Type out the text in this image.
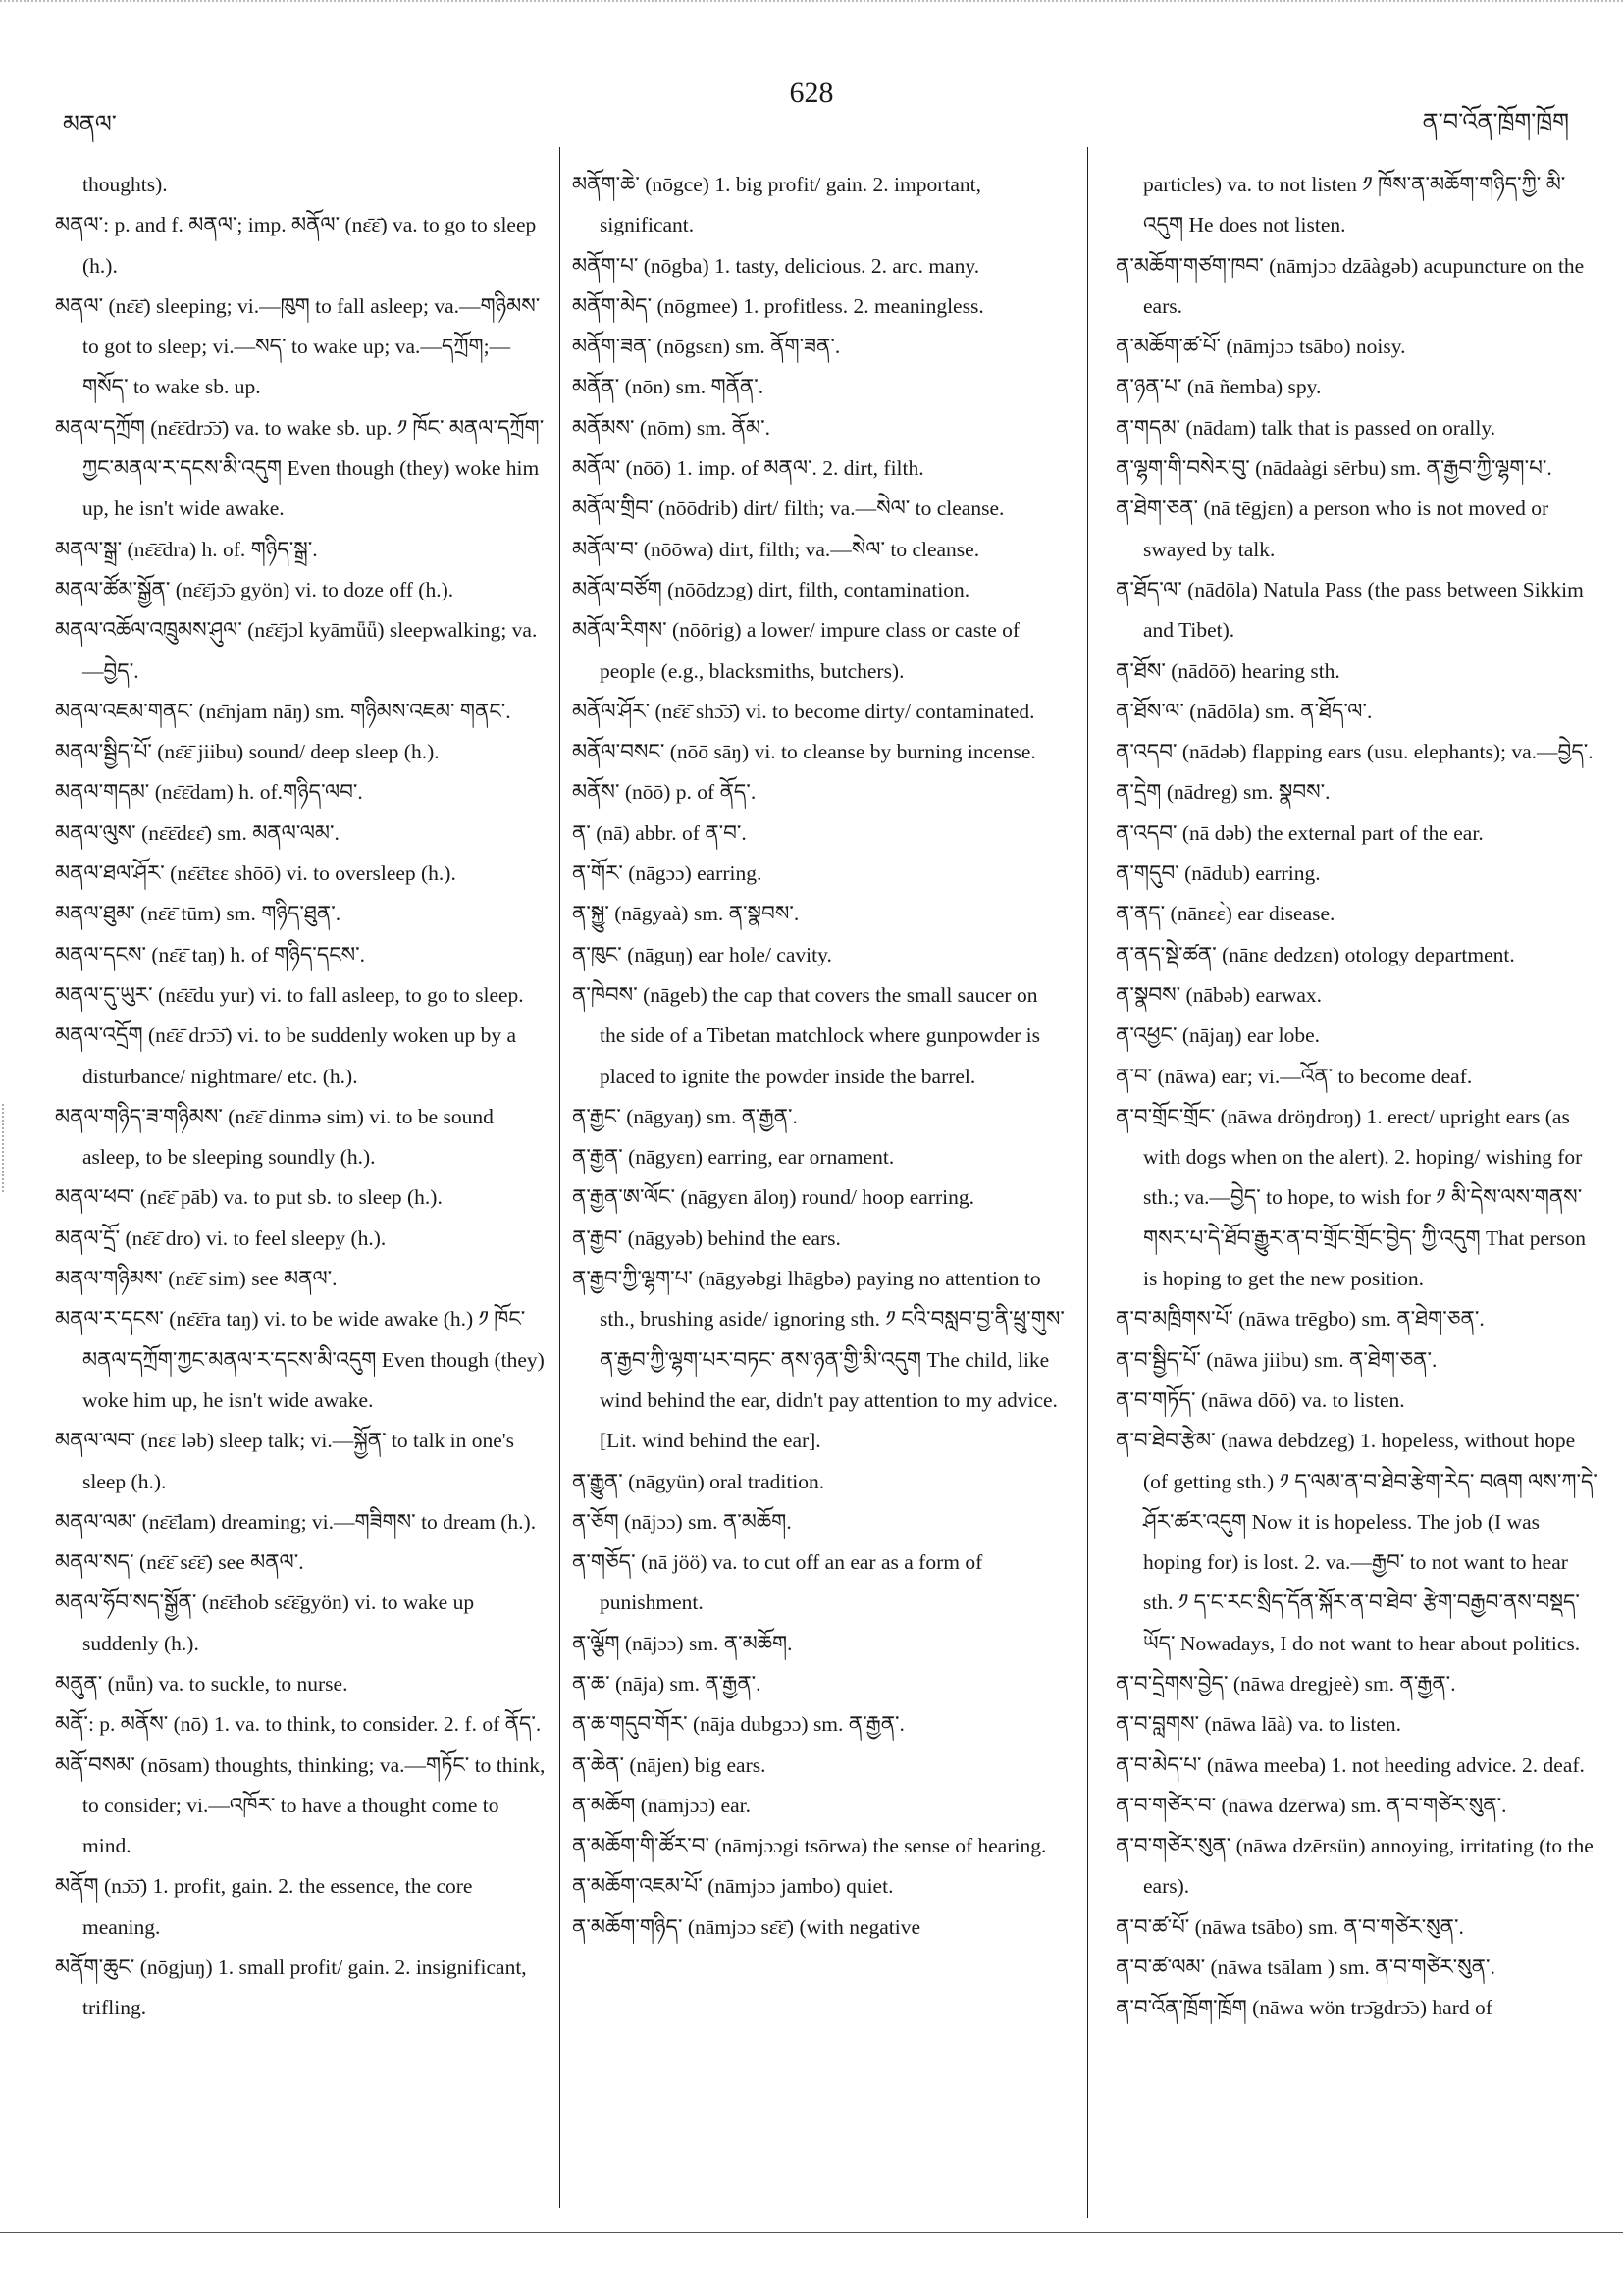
མནལ་
628
ན་བ་འོན་ཁྲོག་ཁྲོག
thoughts).
མནལ་: p. and f. མནལ་; imp. མནོལ་ (nɛ̄ɛ̄) va. to go to sleep (h.).
མནལ་ (nɛ̄ɛ̄) sleeping; vi.—ཁུག to fall asleep; va.—གཉིམས་ to got to sleep; vi.—སད་ to wake up; va.—དཀྲོག;—གསོད་ to wake sb. up.
མནལ་དཀྲོག (nɛ̄ɛ̄drɔ̄ɔ̄) va. to wake sb. up. ༡ ཁོང་ མནལ་དཀྲོག་ཀྱང་མནལ་ར་དངས་མི་འདུག Even though (they) woke him up, he isn't wide awake.
མནལ་སྒྲ་ (nɛ̄ɛ̄dra) h. of. གཉིད་སྒྲ་.
མནལ་ཚོམ་སྒྱོན་ (nɛ̄ɛ̄jɔ̄ɔ gyön) vi. to doze off (h.).
མནལ་འཆོལ་འཁྲུམས་ཤུལ་ (nɛ̄ɛ̄jɔl kyāmǖǖ) sleepwalking; va.—བྱེད་.
མནལ་འཇམ་གནང་ (nɛ̄njam nāŋ) sm. གཉིམས་འཇམ་ གནང་.
མནལ་སྦྱིད་པོ་ (nɛ̄ɛ̄ jiibu) sound/ deep sleep (h.).
མནལ་གདམ་ (nɛ̄ɛ̄dam) h. of.གཉིད་ལབ་.
མནལ་ལུས་ (nɛ̄ɛ̄dɛɛ̄) sm. མནལ་ལམ་.
མནལ་ཐལ་ཤོར་ (nɛ̄ɛ̄tɛɛ shōō) vi. to oversleep (h.).
མནལ་ཐུམ་ (nɛ̄ɛ̄ tūm) sm. གཉིད་ཐུན་.
མནལ་དངས་ (nɛ̄ɛ̄ taŋ) h. of གཉིད་དངས་.
མནལ་དུ་ཡུར་ (nɛ̄ɛ̄du yur) vi. to fall asleep, to go to sleep.
མནལ་འདྲོག (nɛ̄ɛ̄ drɔ̄ɔ̄) vi. to be suddenly woken up by a disturbance/ nightmare/ etc. (h.).
མནལ་གཉིད་ཟ་གཉིམས་ (nɛ̄ɛ̄ dinmə sim) vi. to be sound asleep, to be sleeping soundly (h.).
མནལ་ཕབ་ (nɛ̄ɛ̄ pāb) va. to put sb. to sleep (h.).
མནལ་དྲོ་ (nɛ̄ɛ̄ dro) vi. to feel sleepy (h.).
མནལ་གཉིམས་ (nɛ̄ɛ̄ sim) see མནལ་.
མནལ་ར་དངས་ (nɛ̄ɛ̄ra taŋ) vi. to be wide awake (h.) ༡ ཁོང་མནལ་དཀྲོག་ཀྱང་མནལ་ར་དངས་མི་འདུག Even though (they) woke him up, he isn't wide awake.
མནལ་ལབ་ (nɛ̄ɛ̄ ləb) sleep talk; vi.—སྐྱོན་ to talk in one's sleep (h.).
མནལ་ལམ་ (nɛ̄ɛ̄lam) dreaming; vi.—གཟིགས་ to dream (h.).
མནལ་སད་ (nɛ̄ɛ̄ sɛ̄ɛ̄) see མནལ་.
མནལ་ཧོབ་སད་སྒྱོན་ (nɛ̄ɛ̄hob sɛ̄ɛ̄gyön) vi. to wake up suddenly (h.).
མནུན་ (nǖn) va. to suckle, to nurse.
མནོ་: p. མནོས་ (nō) 1. va. to think, to consider. 2. f. of ནོད་.
མནོ་བསམ་ (nōsam) thoughts, thinking; va.—གཏོང་ to think, to consider; vi.—འཁོར་ to have a thought come to mind.
མནོག (nɔ̄ɔ̄) 1. profit, gain. 2. the essence, the core meaning.
མནོག་ཆུང་ (nōgjuŋ) 1. small profit/ gain. 2. insignificant, trifling.
མནོག་ཆེ་ (nōgce) 1. big profit/ gain. 2. important, significant.
མནོག་པ་ (nōgba) 1. tasty, delicious. 2. arc. many.
མནོག་མེད་ (nōgmee) 1. profitless. 2. meaningless.
མནོག་ཟན་ (nōgsɛn) sm. ནོག་ཟན་.
མནོན་ (nōn) sm. གནོན་.
མནོམས་ (nōm) sm. ནོམ་.
མནོལ་ (nōō) 1. imp. of མནལ་. 2. dirt, filth.
མནོལ་གྲིབ་ (nōōdrib) dirt/ filth; va.—སེལ་ to cleanse.
མནོལ་བ་ (nōōwa) dirt, filth; va.—སེལ་ to cleanse.
མནོལ་བཙོག (nōōdzɔg) dirt, filth, contamination.
མནོལ་རིགས་ (nōōrig) a lower/ impure class or caste of people (e.g., blacksmiths, butchers).
མནོལ་ཤོར་ (nɛ̄ɛ̄ shɔ̄ɔ̄) vi. to become dirty/ contaminated.
མནོལ་བསང་ (nōō sāŋ) vi. to cleanse by burning incense.
མནོས་ (nōō) p. of ནོད་.
ན་ (nā) abbr. of ན་བ་.
ན་གོར་ (nāgɔɔ) earring.
ན་སྐྱུ་ (nāgyaà) sm. ན་སྣབས་.
ན་ཁུང་ (nāguŋ) ear hole/ cavity.
ན་ཁེབས་ (nāgeb) the cap that covers the small saucer on the side of a Tibetan matchlock where gunpowder is placed to ignite the powder inside the barrel.
ན་རྒྱང་ (nāgyaŋ) sm. ན་རྒྱན་.
ན་རྒྱན་ (nāgyɛn) earring, ear ornament.
ན་རྒྱན་ཨ་ལོང་ (nāgyɛn āloŋ) round/ hoop earring.
ན་རྒྱབ་ (nāgyəb) behind the ears.
ན་རྒྱབ་ཀྱི་ལྷག་པ་ (nāgyəbgi lhāgbə) paying no attention to sth., brushing aside/ ignoring sth. ༡ ངའི་བསླབ་བྱ་ནི་ཕྲུ་གུས་ན་རྒྱབ་ཀྱི་ལྷག་པར་བཏང་ ནས་ཉན་གྱི་མི་འདུག The child, like wind behind the ear, didn't pay attention to my advice. [Lit. wind behind the ear].
ན་རྒྱུན་ (nāgyün) oral tradition.
ན་ཅོག (nājɔɔ) sm. ན་མཆོག.
ན་གཅོད་ (nā jöö) va. to cut off an ear as a form of punishment.
ན་ལྕོག (nājɔɔ) sm. ན་མཆོག.
ན་ཆ་ (nāja) sm. ན་རྒྱན་.
ན་ཆ་གདུབ་གོར་ (nāja dubgɔɔ) sm. ན་རྒྱན་.
ན་ཆེན་ (nājen) big ears.
ན་མཆོག (nāmjɔɔ) ear.
ན་མཆོག་གི་ཚོར་བ་ (nāmjɔɔgi tsōrwa) the sense of hearing.
ན་མཆོག་འཇམ་པོ་ (nāmjɔɔ jambo) quiet.
ན་མཆོག་གཉིད་ (nāmjɔɔ sɛ̄ɛ̄) (with negative
particles) va. to not listen ༡ ཁོས་ན་མཆོག་གཉིད་ཀྱི་ མི་འདུག He does not listen.
ན་མཆོག་གཙག་ཁབ་ (nāmjɔɔ dzāàgəb) acupuncture on the ears.
ན་མཆོག་ཚ་པོ་ (nāmjɔɔ tsābo) noisy.
ན་ཉན་པ་ (nā ñemba) spy.
ན་གདམ་ (nādam) talk that is passed on orally.
ན་ལྷག་གི་བསེར་བུ་ (nādaàgi sērbu) sm. ན་རྒྱབ་ཀྱི་ལྷག་པ་.
ན་ཐེག་ཅན་ (nā tēgjɛn) a person who is not moved or swayed by talk.
ན་ཐོད་ལ་ (nādōla) Natula Pass (the pass between Sikkim and Tibet).
ན་ཐོས་ (nādōō) hearing sth.
ན་ཐོས་ལ་ (nādōla) sm. ན་ཐོད་ལ་.
ན་འདབ་ (nādəb) flapping ears (usu. elephants); va.—བྱེད་.
ན་དྲེག (nādreg) sm. སྣབས་.
ན་འདབ་ (nā dəb) the external part of the ear.
ན་གདུབ་ (nādub) earring.
ན་ནད་ (nānɛɛ̀) ear disease.
ན་ནད་སྡེ་ཚན་ (nānɛ dedzɛn) otology department.
ན་སྣབས་ (nābəb) earwax.
ན་འཕྱང་ (nājaŋ) ear lobe.
ན་བ་ (nāwa) ear; vi.—འོན་ to become deaf.
ན་བ་གྲོང་གྲོང་ (nāwa dröŋdroŋ) 1. erect/ upright ears (as with dogs when on the alert). 2. hoping/ wishing for sth.; va.—བྱེད་ to hope, to wish for ༡ མི་དེས་ལས་གནས་གསར་པ་དེ་ཐོབ་རྒྱུར་ན་བ་གྲོང་གྲོང་བྱེད་ ཀྱི་འདུག That person is hoping to get the new position.
ན་བ་མཁྲིགས་པོ་ (nāwa trēgbo) sm. ན་ཐེག་ཅན་.
ན་བ་སྦྱིད་པོ་ (nāwa jiibu) sm. ན་ཐེག་ཅན་.
ན་བ་གཏོད་ (nāwa dōō) va. to listen.
ན་བ་ཐེབ་རྩེམ་ (nāwa dēbdzeg) 1. hopeless, without hope (of getting sth.) ༡ ད་ལམ་ན་བ་ཐེབ་རྩེག་རེད་ བཞག ལས་ཀ་དེ་ཤོར་ཚར་འདུག Now it is hopeless. The job (I was hoping for) is lost. 2. va.—རྒྱབ་ to not want to hear sth. ༡ ད་ང་རང་སྲིད་དོན་སྐོར་ན་བ་ཐེབ་ རྩེག་བརྒྱབ་ནས་བསྡད་ཡོད་ Nowadays, I do not want to hear about politics.
ན་བ་དྲེགས་བྱེད་ (nāwa dregjeè) sm. ན་རྒྱན་.
ན་བ་བླགས་ (nāwa lāà) va. to listen.
ན་བ་མེད་པ་ (nāwa meeba) 1. not heeding advice. 2. deaf.
ན་བ་གཙེར་བ་ (nāwa dzērwa) sm. ན་བ་གཙེར་སུན་.
ན་བ་གཙེར་སུན་ (nāwa dzērsün) annoying, irritating (to the ears).
ན་བ་ཚ་པོ་ (nāwa tsābo) sm. ན་བ་གཙེར་སུན་.
ན་བ་ཚ་ལམ་ (nāwa tsālam ) sm. ན་བ་གཙེར་སུན་.
ན་བ་འོན་ཁྲོག་ཁྲོག (nāwa wön trɔ̄gdrɔ̄ɔ) hard of
